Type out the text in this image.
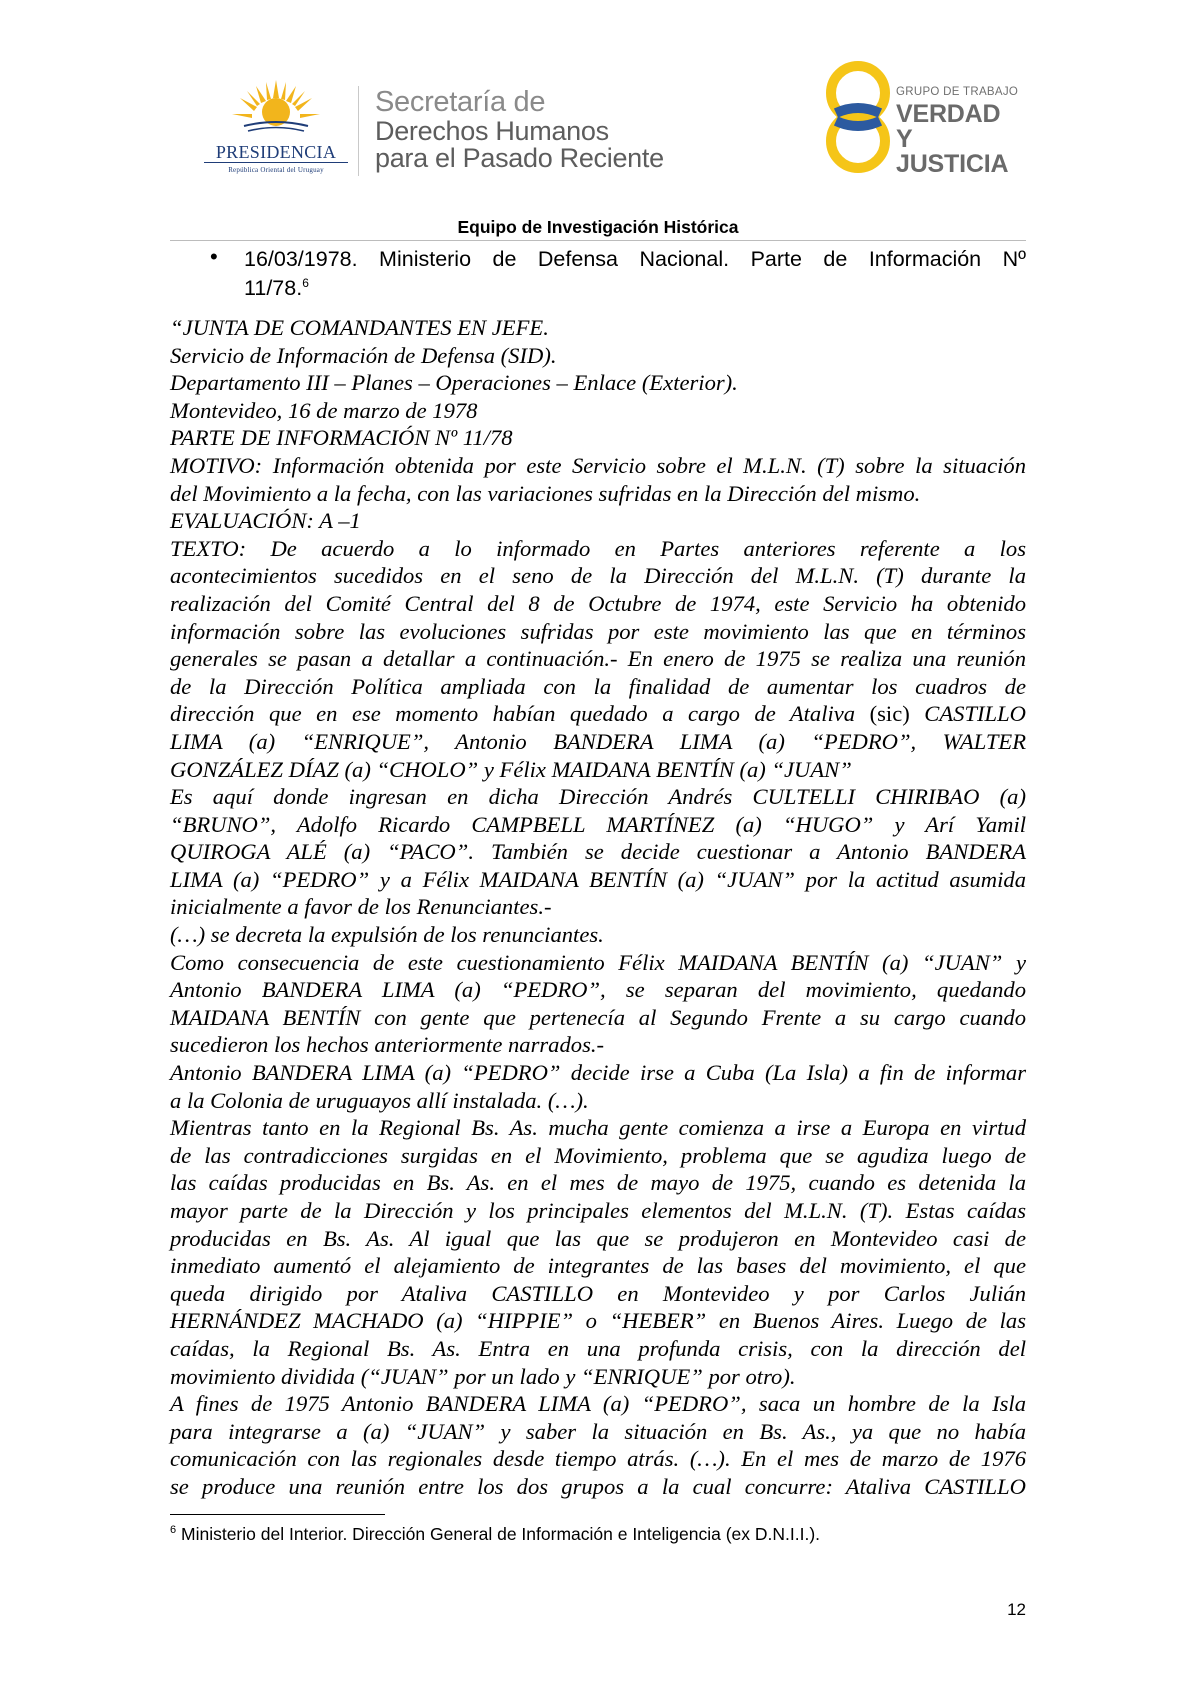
PRESIDENCIA
República Oriental del Uruguay
Secretaría de
Derechos Humanos
para el Pasado Reciente
GRUPO DE TRABAJO
VERDAD Y
JUSTICIA
Equipo de Investigación Histórica
• 16/03/1978. Ministerio de Defensa Nacional. Parte de Información Nº
11/78.$^6$
“JUNTA DE COMANDANTES EN JEFE.
Servicio de Información de Defensa (SID).
Departamento III – Planes – Operaciones – Enlace (Exterior).
Montevideo, 16 de marzo de 1978
PARTE DE INFORMACIÓN Nº 11/78
MOTIVO: Información obtenida por este Servicio sobre el M.L.N. (T) sobre la situación
del Movimiento a la fecha, con las variaciones sufridas en la Dirección del mismo.
EVALUACIÓN: A –1
TEXTO: De acuerdo a lo informado en Partes anteriores referente a los
acontecimientos sucedidos en el seno de la Dirección del M.L.N. (T) durante la
realización del Comité Central del 8 de Octubre de 1974, este Servicio ha obtenido
información sobre las evoluciones sufridas por este movimiento las que en términos
generales se pasan a detallar a continuación.- En enero de 1975 se realiza una reunión
de la Dirección Política ampliada con la finalidad de aumentar los cuadros de
dirección que en ese momento habían quedado a cargo de Ataliva (sic) CASTILLO
LIMA (a) “ENRIQUE”, Antonio BANDERA LIMA (a) “PEDRO”, WALTER
GONZÁLEZ DÍAZ (a) “CHOLO” y Félix MAIDANA BENTÍN (a) “JUAN”
Es aquí donde ingresan en dicha Dirección Andrés CULTELLI CHIRIBAO (a)
“BRUNO”, Adolfo Ricardo CAMPBELL MARTÍNEZ (a) “HUGO” y Arí Yamil
QUIROGA ALÉ (a) “PACO”. También se decide cuestionar a Antonio BANDERA
LIMA (a) “PEDRO” y a Félix MAIDANA BENTÍN (a) “JUAN” por la actitud asumida
inicialmente a favor de los Renunciantes.-
(…) se decreta la expulsión de los renunciantes.
Como consecuencia de este cuestionamiento Félix MAIDANA BENTÍN (a) “JUAN” y
Antonio BANDERA LIMA (a) “PEDRO”, se separan del movimiento, quedando
MAIDANA BENTÍN con gente que pertenecía al Segundo Frente a su cargo cuando
sucedieron los hechos anteriormente narrados.-
Antonio BANDERA LIMA (a) “PEDRO” decide irse a Cuba (La Isla) a fin de informar
a la Colonia de uruguayos allí instalada. (…).
Mientras tanto en la Regional Bs. As. mucha gente comienza a irse a Europa en virtud
de las contradicciones surgidas en el Movimiento, problema que se agudiza luego de
las caídas producidas en Bs. As. en el mes de mayo de 1975, cuando es detenida la
mayor parte de la Dirección y los principales elementos del M.L.N. (T). Estas caídas
producidas en Bs. As. Al igual que las que se produjeron en Montevideo casi de
inmediato aumentó el alejamiento de integrantes de las bases del movimiento, el que
queda dirigido por Ataliva CASTILLO en Montevideo y por Carlos Julián
HERNÁNDEZ MACHADO (a) “HIPPIE” o “HEBER” en Buenos Aires. Luego de las
caídas, la Regional Bs. As. Entra en una profunda crisis, con la dirección del
movimiento dividida (“JUAN” por un lado y “ENRIQUE” por otro).
A fines de 1975 Antonio BANDERA LIMA (a) “PEDRO”, saca un hombre de la Isla
para integrarse a (a) “JUAN” y saber la situación en Bs. As., ya que no había
comunicación con las regionales desde tiempo atrás. (…). En el mes de marzo de 1976
se produce una reunión entre los dos grupos a la cual concurre: Ataliva CASTILLO
$^6$ Ministerio del Interior. Dirección General de Información e Inteligencia (ex D.N.I.I.).
12
